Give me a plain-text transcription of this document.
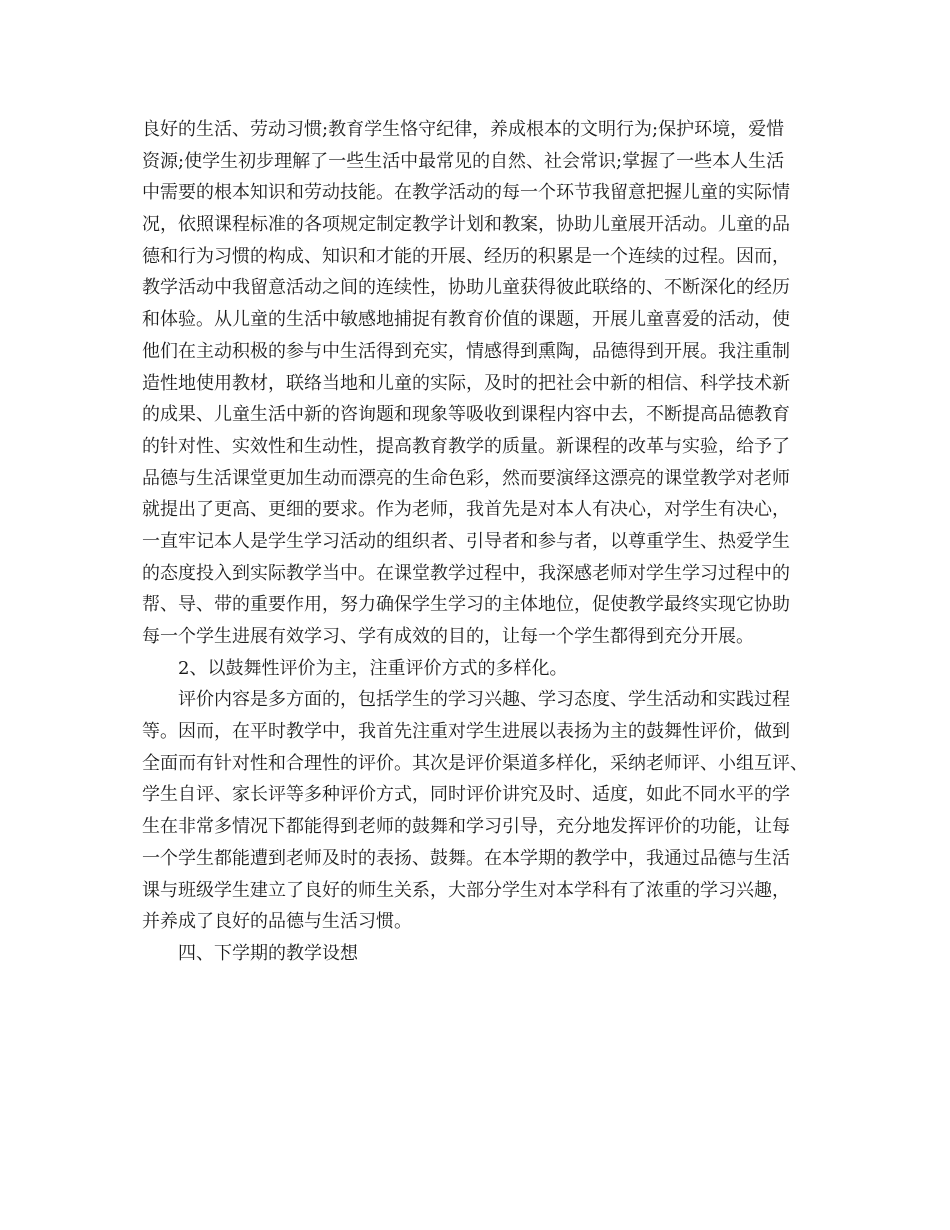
良好的生活、劳动习惯;教育学生恪守纪律，养成根本的文明行为;保护环境，爱惜

资源;使学生初步理解了一些生活中最常见的自然、社会常识;掌握了一些本人生活

中需要的根本知识和劳动技能。在教学活动的每一个环节我留意把握儿童的实际情

况，依照课程标准的各项规定制定教学计划和教案，协助儿童展开活动。儿童的品

德和行为习惯的构成、知识和才能的开展、经历的积累是一个连续的过程。因而，

教学活动中我留意活动之间的连续性，协助儿童获得彼此联络的、不断深化的经历

和体验。从儿童的生活中敏感地捕捉有教育价值的课题，开展儿童喜爱的活动，使

他们在主动积极的参与中生活得到充实，情感得到熏陶，品德得到开展。我注重制

造性地使用教材，联络当地和儿童的实际，及时的把社会中新的相信、科学技术新

的成果、儿童生活中新的咨询题和现象等吸收到课程内容中去，不断提高品德教育

的针对性、实效性和生动性，提高教育教学的质量。新课程的改革与实验，给予了

品德与生活课堂更加生动而漂亮的生命色彩，然而要演绎这漂亮的课堂教学对老师

就提出了更高、更细的要求。作为老师，我首先是对本人有决心，对学生有决心，

一直牢记本人是学生学习活动的组织者、引导者和参与者，以尊重学生、热爱学生

的态度投入到实际教学当中。在课堂教学过程中，我深感老师对学生学习过程中的

帮、导、带的重要作用，努力确保学生学习的主体地位，促使教学最终实现它协助

每一个学生进展有效学习、学有成效的目的，让每一个学生都得到充分开展。

2、以鼓舞性评价为主，注重评价方式的多样化。

评价内容是多方面的，包括学生的学习兴趣、学习态度、学生活动和实践过程

等。因而，在平时教学中，我首先注重对学生进展以表扬为主的鼓舞性评价，做到

全面而有针对性和合理性的评价。其次是评价渠道多样化，采纳老师评、小组互评、

学生自评、家长评等多种评价方式，同时评价讲究及时、适度，如此不同水平的学

生在非常多情况下都能得到老师的鼓舞和学习引导，充分地发挥评价的功能，让每

一个学生都能遭到老师及时的表扬、鼓舞。在本学期的教学中，我通过品德与生活

课与班级学生建立了良好的师生关系，大部分学生对本学科有了浓重的学习兴趣，

并养成了良好的品德与生活习惯。

四、下学期的教学设想
